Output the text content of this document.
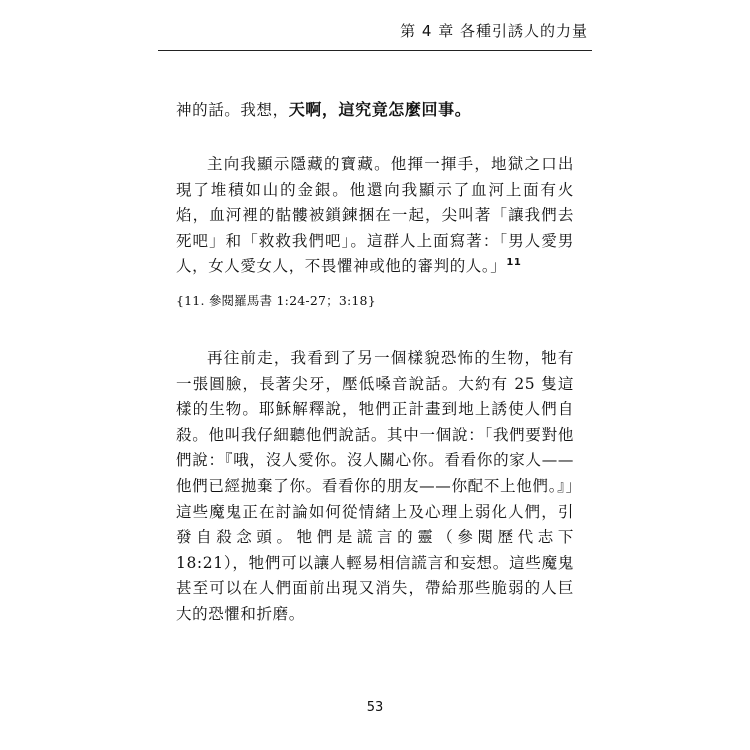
第 4 章 各種引誘人的力量
神的話。我想，天啊，這究竟怎麼回事。
主向我顯示隱藏的寶藏。他揮一揮手，地獄之口出現了堆積如山的金銀。他還向我顯示了血河上面有火焰，血河裡的骷髏被鎖鍊捆在一起，尖叫著「讓我們去死吧」和「救救我們吧」。這群人上面寫著：「男人愛男人，女人愛女人，不畏懼神或他的審判的人。」$^{11}$
{11. 參閱羅馬書 1:24-27；3:18}
再往前走，我看到了另一個樣貌恐怖的生物，牠有一張圓臉，長著尖牙，壓低嗓音說話。大約有 25 隻這樣的生物。耶穌解釋說，牠們正計畫到地上誘使人們自殺。他叫我仔細聽他們說話。其中一個說：「我們要對他們說：『哦，沒人愛你。沒人關心你。看看你的家人——他們已經拋棄了你。看看你的朋友——你配不上他們。』」這些魔鬼正在討論如何從情緒上及心理上弱化人們，引發自殺念頭。牠們是謊言的靈（參閱歷代志下 18:21），牠們可以讓人輕易相信謊言和妄想。這些魔鬼甚至可以在人們面前出現又消失，帶給那些脆弱的人巨大的恐懼和折磨。
53
